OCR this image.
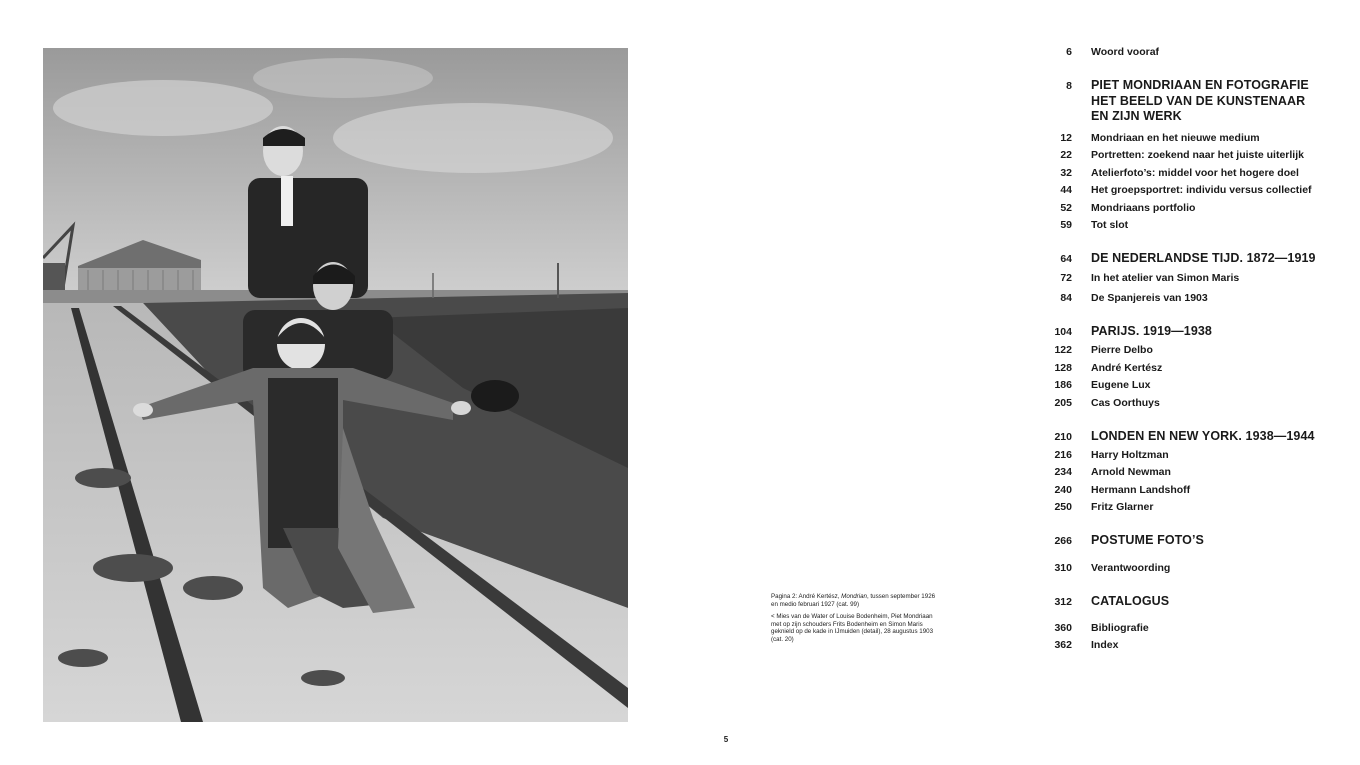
Pagina 2: André Kertész, Mondrian, tussen september 1926 en medio februari 1927 (cat. 99)

< Mies van de Water of Louise Bodenheim, Piet Mondriaan met op zijn schouders Frits Bodenheim en Simon Maris geknield op de kade in IJmuiden (detail), 28 augustus 1903 (cat. 20)

5
6 Woord vooraf
8 PIET MONDRIAAN EN FOTOGRAFIE
HET BEELD VAN DE KUNSTENAAR
EN ZIJN WERK
12 Mondriaan en het nieuwe medium
22 Portretten: zoekend naar het juiste uiterlijk
32 Atelierfoto’s: middel voor het hogere doel
44 Het groepsportret: individu versus collectief
52 Mondriaans portfolio
59 Tot slot
64 DE NEDERLANDSE TIJD. 1872—1919
72 In het atelier van Simon Maris
84 De Spanjereis van 1903
104 PARIJS. 1919—1938
122 Pierre Delbo
128 André Kertész
186 Eugene Lux
205 Cas Oorthuys
210 LONDEN EN NEW YORK. 1938—1944
216 Harry Holtzman
234 Arnold Newman
240 Hermann Landshoff
250 Fritz Glarner
266 POSTUME FOTO’S
310 Verantwoording
312 CATALOGUS
360 Bibliografie
362 Index
